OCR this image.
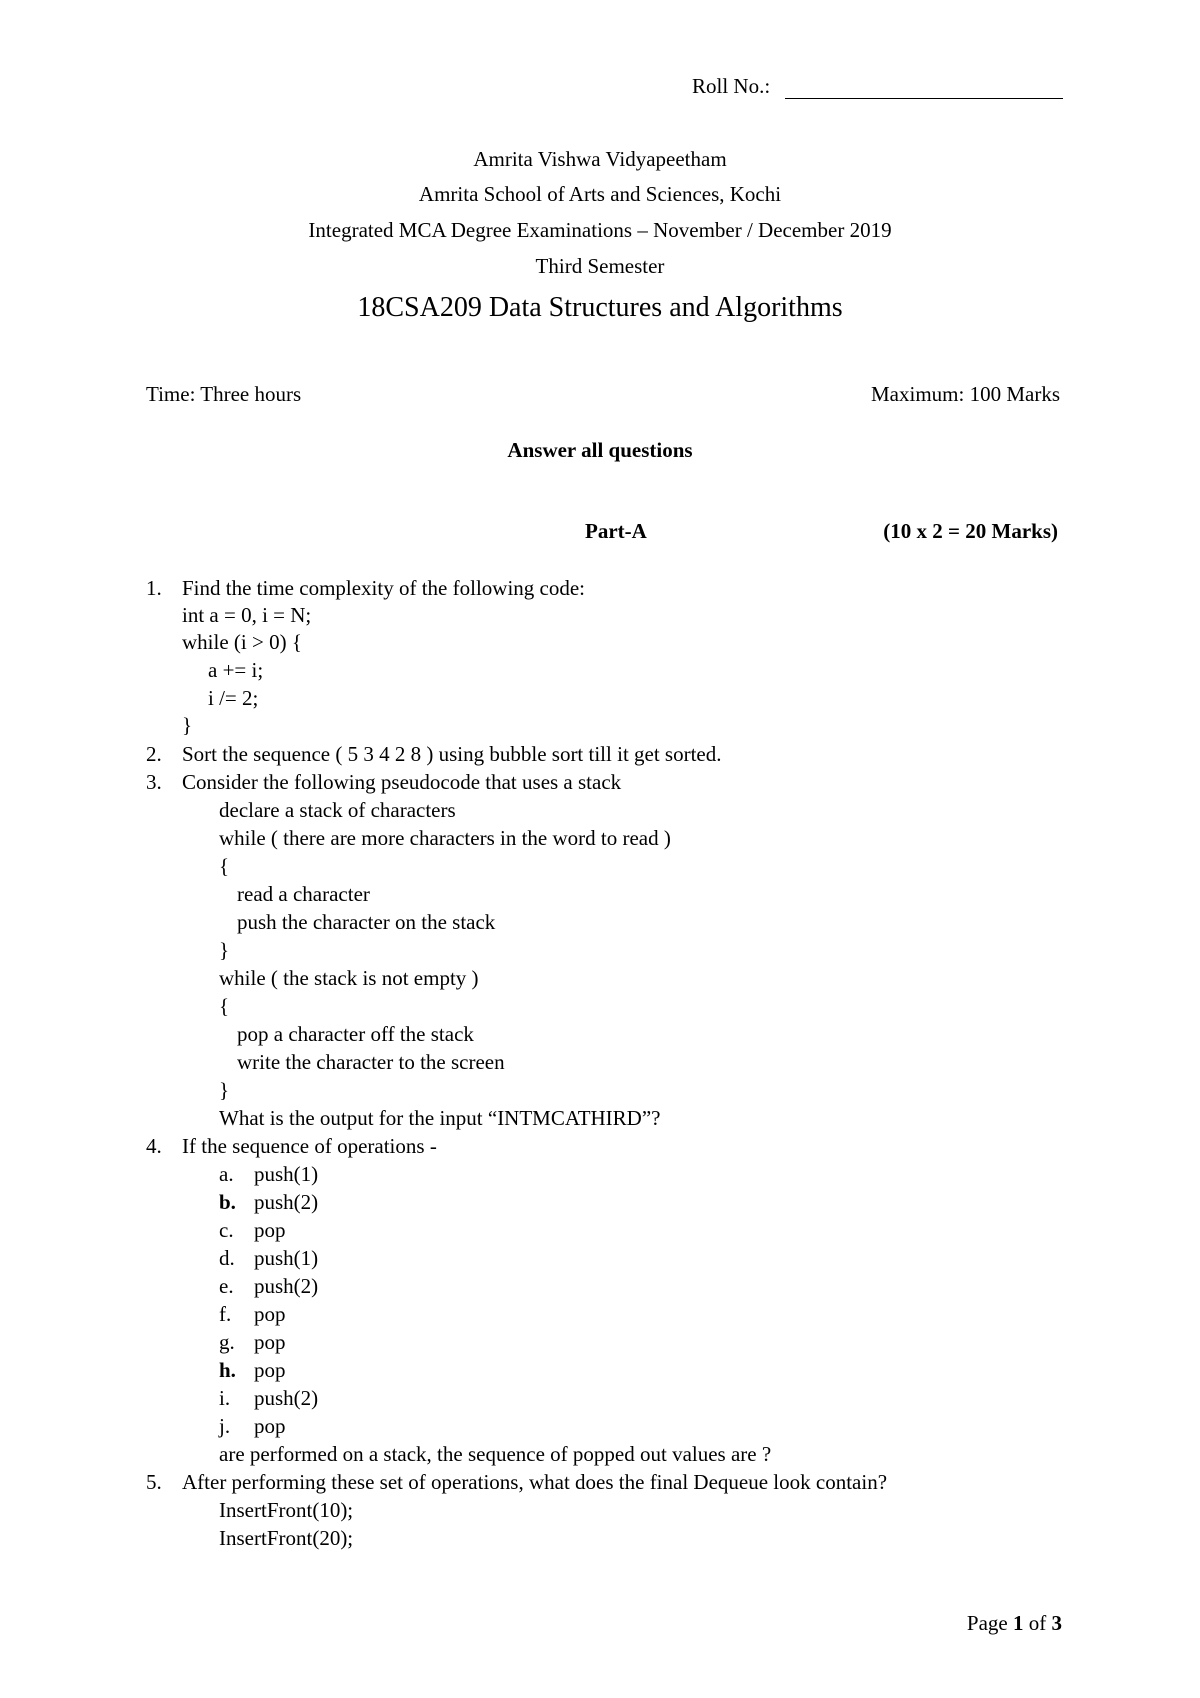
Roll No.:
Amrita Vishwa Vidyapeetham
Amrita School of Arts and Sciences, Kochi
Integrated MCA Degree Examinations – November / December 2019
Third Semester
18CSA209 Data Structures and Algorithms
Time: Three hours	Maximum: 100 Marks
Answer all questions
Part-A	(10 x 2 = 20 Marks)
1. Find the time complexity of the following code:
int a = 0, i = N;
while (i > 0) {
a += i;
i /= 2;
}
2. Sort the sequence ( 5 3 4 2 8 ) using bubble sort till it get sorted.
3. Consider the following pseudocode that uses a stack
declare a stack of characters
while ( there are more characters in the word to read )
{
read a character
push the character on the stack
}
while ( the stack is not empty )
{
pop a character off the stack
write the character to the screen
}
What is the output for the input “INTMCATHIRD”?
4. If the sequence of operations -
a. push(1)
b. push(2)
c. pop
d. push(1)
e. push(2)
f. pop
g. pop
h. pop
i. push(2)
j. pop
are performed on a stack, the sequence of popped out values are ?
5. After performing these set of operations, what does the final Dequeue look contain?
InsertFront(10);
InsertFront(20);
Page 1 of 3
